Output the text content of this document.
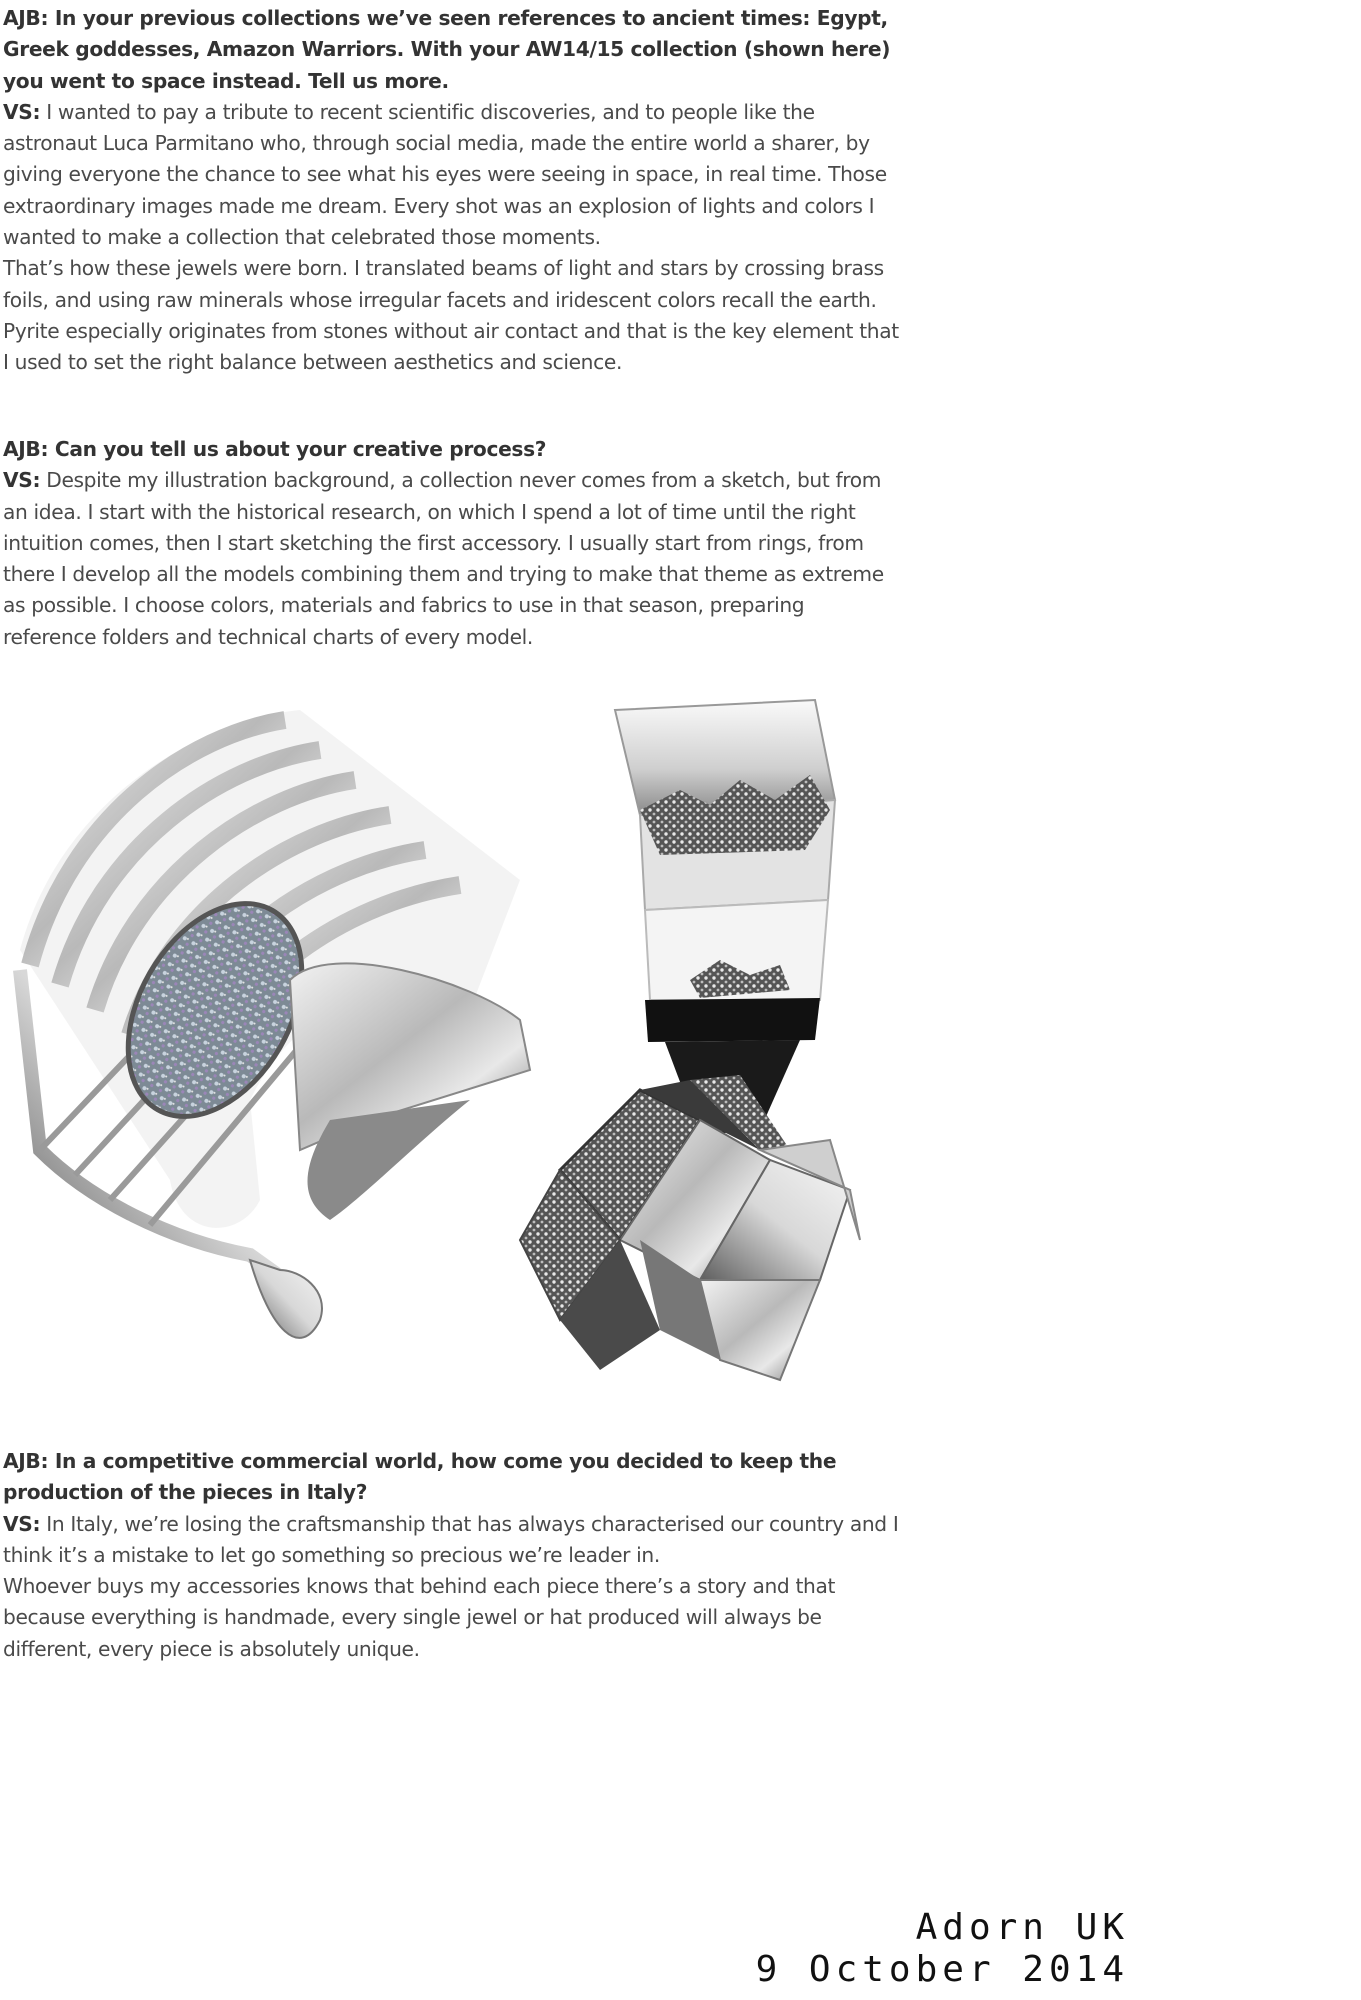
AJB: In your previous collections we’ve seen references to ancient times: Egypt, Greek goddesses, Amazon Warriors. With your AW14/15 collection (shown here) you went to space instead. Tell us more.

VS: I wanted to pay a tribute to recent scientific discoveries, and to people like the astronaut Luca Parmitano who, through social media, made the entire world a sharer, by giving everyone the chance to see what his eyes were seeing in space, in real time. Those extraordinary images made me dream. Every shot was an explosion of lights and colors I wanted to make a collection that celebrated those moments.

That’s how these jewels were born. I translated beams of light and stars by crossing brass foils, and using raw minerals whose irregular facets and iridescent colors recall the earth. Pyrite especially originates from stones without air contact and that is the key element that I used to set the right balance between aesthetics and science.

AJB: Can you tell us about your creative process?

VS: Despite my illustration background, a collection never comes from a sketch, but from an idea. I start with the historical research, on which I spend a lot of time until the right intuition comes, then I start sketching the first accessory. I usually start from rings, from there I develop all the models combining them and trying to make that theme as extreme as possible. I choose colors, materials and fabrics to use in that season, preparing reference folders and technical charts of every model.

AJB: In a competitive commercial world, how come you decided to keep the production of the pieces in Italy?

VS: In Italy, we’re losing the craftsmanship that has always characterised our country and I think it’s a mistake to let go something so precious we’re leader in.

Whoever buys my accessories knows that behind each piece there’s a story and that because everything is handmade, every single jewel or hat produced will always be different, every piece is absolutely unique.

Adorn UK
9 October 2014
